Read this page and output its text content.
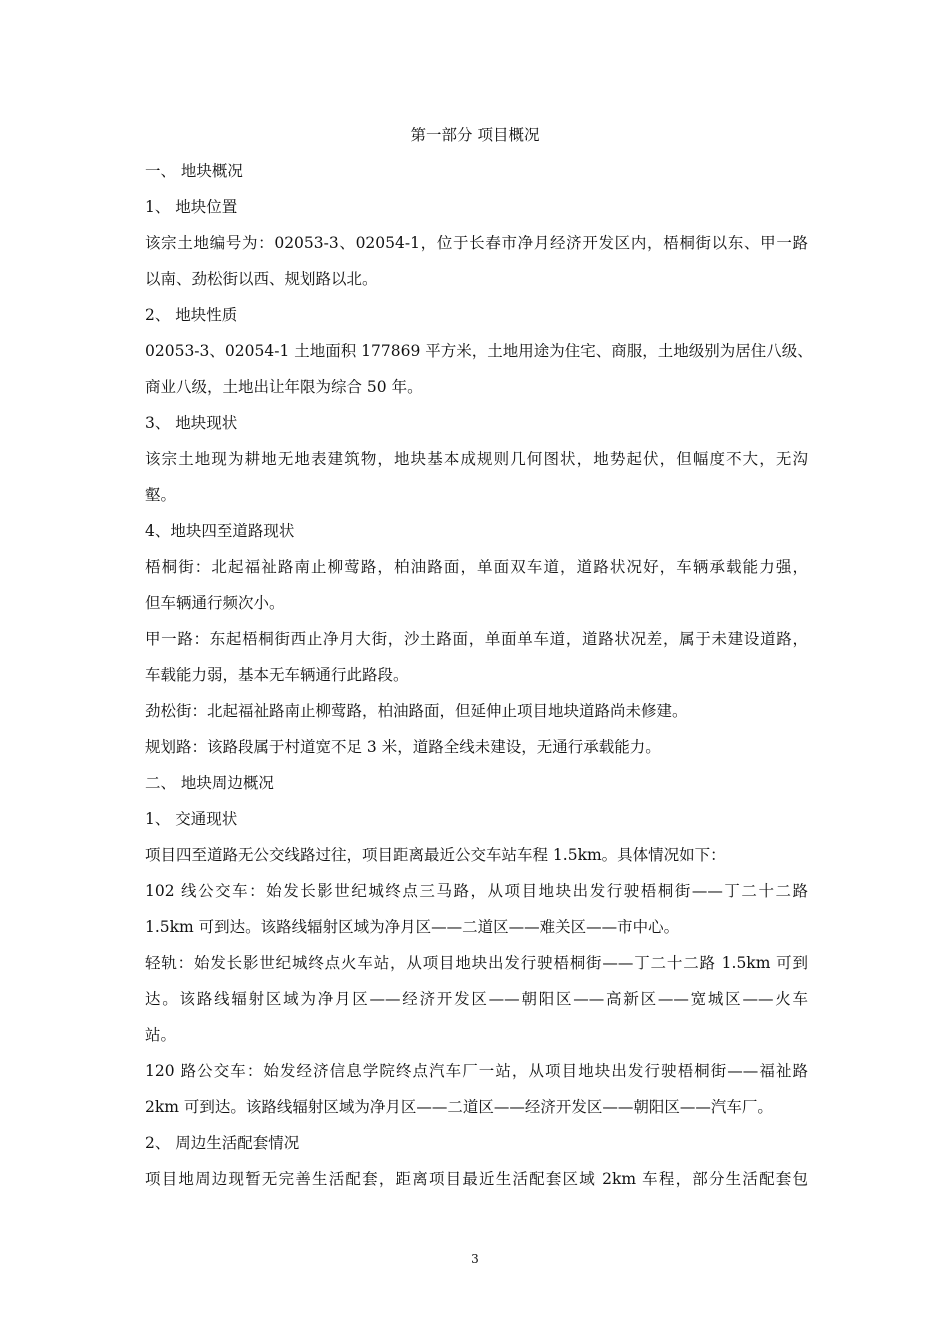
第一部分 项目概况
一、 地块概况
1、 地块位置
该宗土地编号为：02053-3、02054-1，位于长春市净月经济开发区内，梧桐街以东、甲一路
以南、劲松街以西、规划路以北。
2、 地块性质
02053-3、02054-1 土地面积 177869 平方米，土地用途为住宅、商服，土地级别为居住八级、
商业八级，土地出让年限为综合 50 年。
3、 地块现状
该宗土地现为耕地无地表建筑物，地块基本成规则几何图状，地势起伏，但幅度不大，无沟
壑。
4、地块四至道路现状
梧桐街：北起福祉路南止柳莺路，柏油路面，单面双车道，道路状况好，车辆承载能力强，
但车辆通行频次小。
甲一路：东起梧桐街西止净月大街，沙土路面，单面单车道，道路状况差，属于未建设道路，
车载能力弱，基本无车辆通行此路段。
劲松街：北起福祉路南止柳莺路，柏油路面，但延伸止项目地块道路尚未修建。
规划路：该路段属于村道宽不足 3 米，道路全线未建设，无通行承载能力。
二、 地块周边概况
1、 交通现状
项目四至道路无公交线路过往，项目距离最近公交车站车程 1.5km。具体情况如下：
102 线公交车：始发长影世纪城终点三马路，从项目地块出发行驶梧桐街——丁二十二路
1.5km 可到达。该路线辐射区域为净月区——二道区——难关区——市中心。
轻轨：始发长影世纪城终点火车站，从项目地块出发行驶梧桐街——丁二十二路 1.5km 可到
达。该路线辐射区域为净月区——经济开发区——朝阳区——高新区——宽城区——火车
站。
120 路公交车：始发经济信息学院终点汽车厂一站，从项目地块出发行驶梧桐街——福祉路
2km 可到达。该路线辐射区域为净月区——二道区——经济开发区——朝阳区——汽车厂。
2、 周边生活配套情况
项目地周边现暂无完善生活配套，距离项目最近生活配套区域 2km 车程，部分生活配套包
3
